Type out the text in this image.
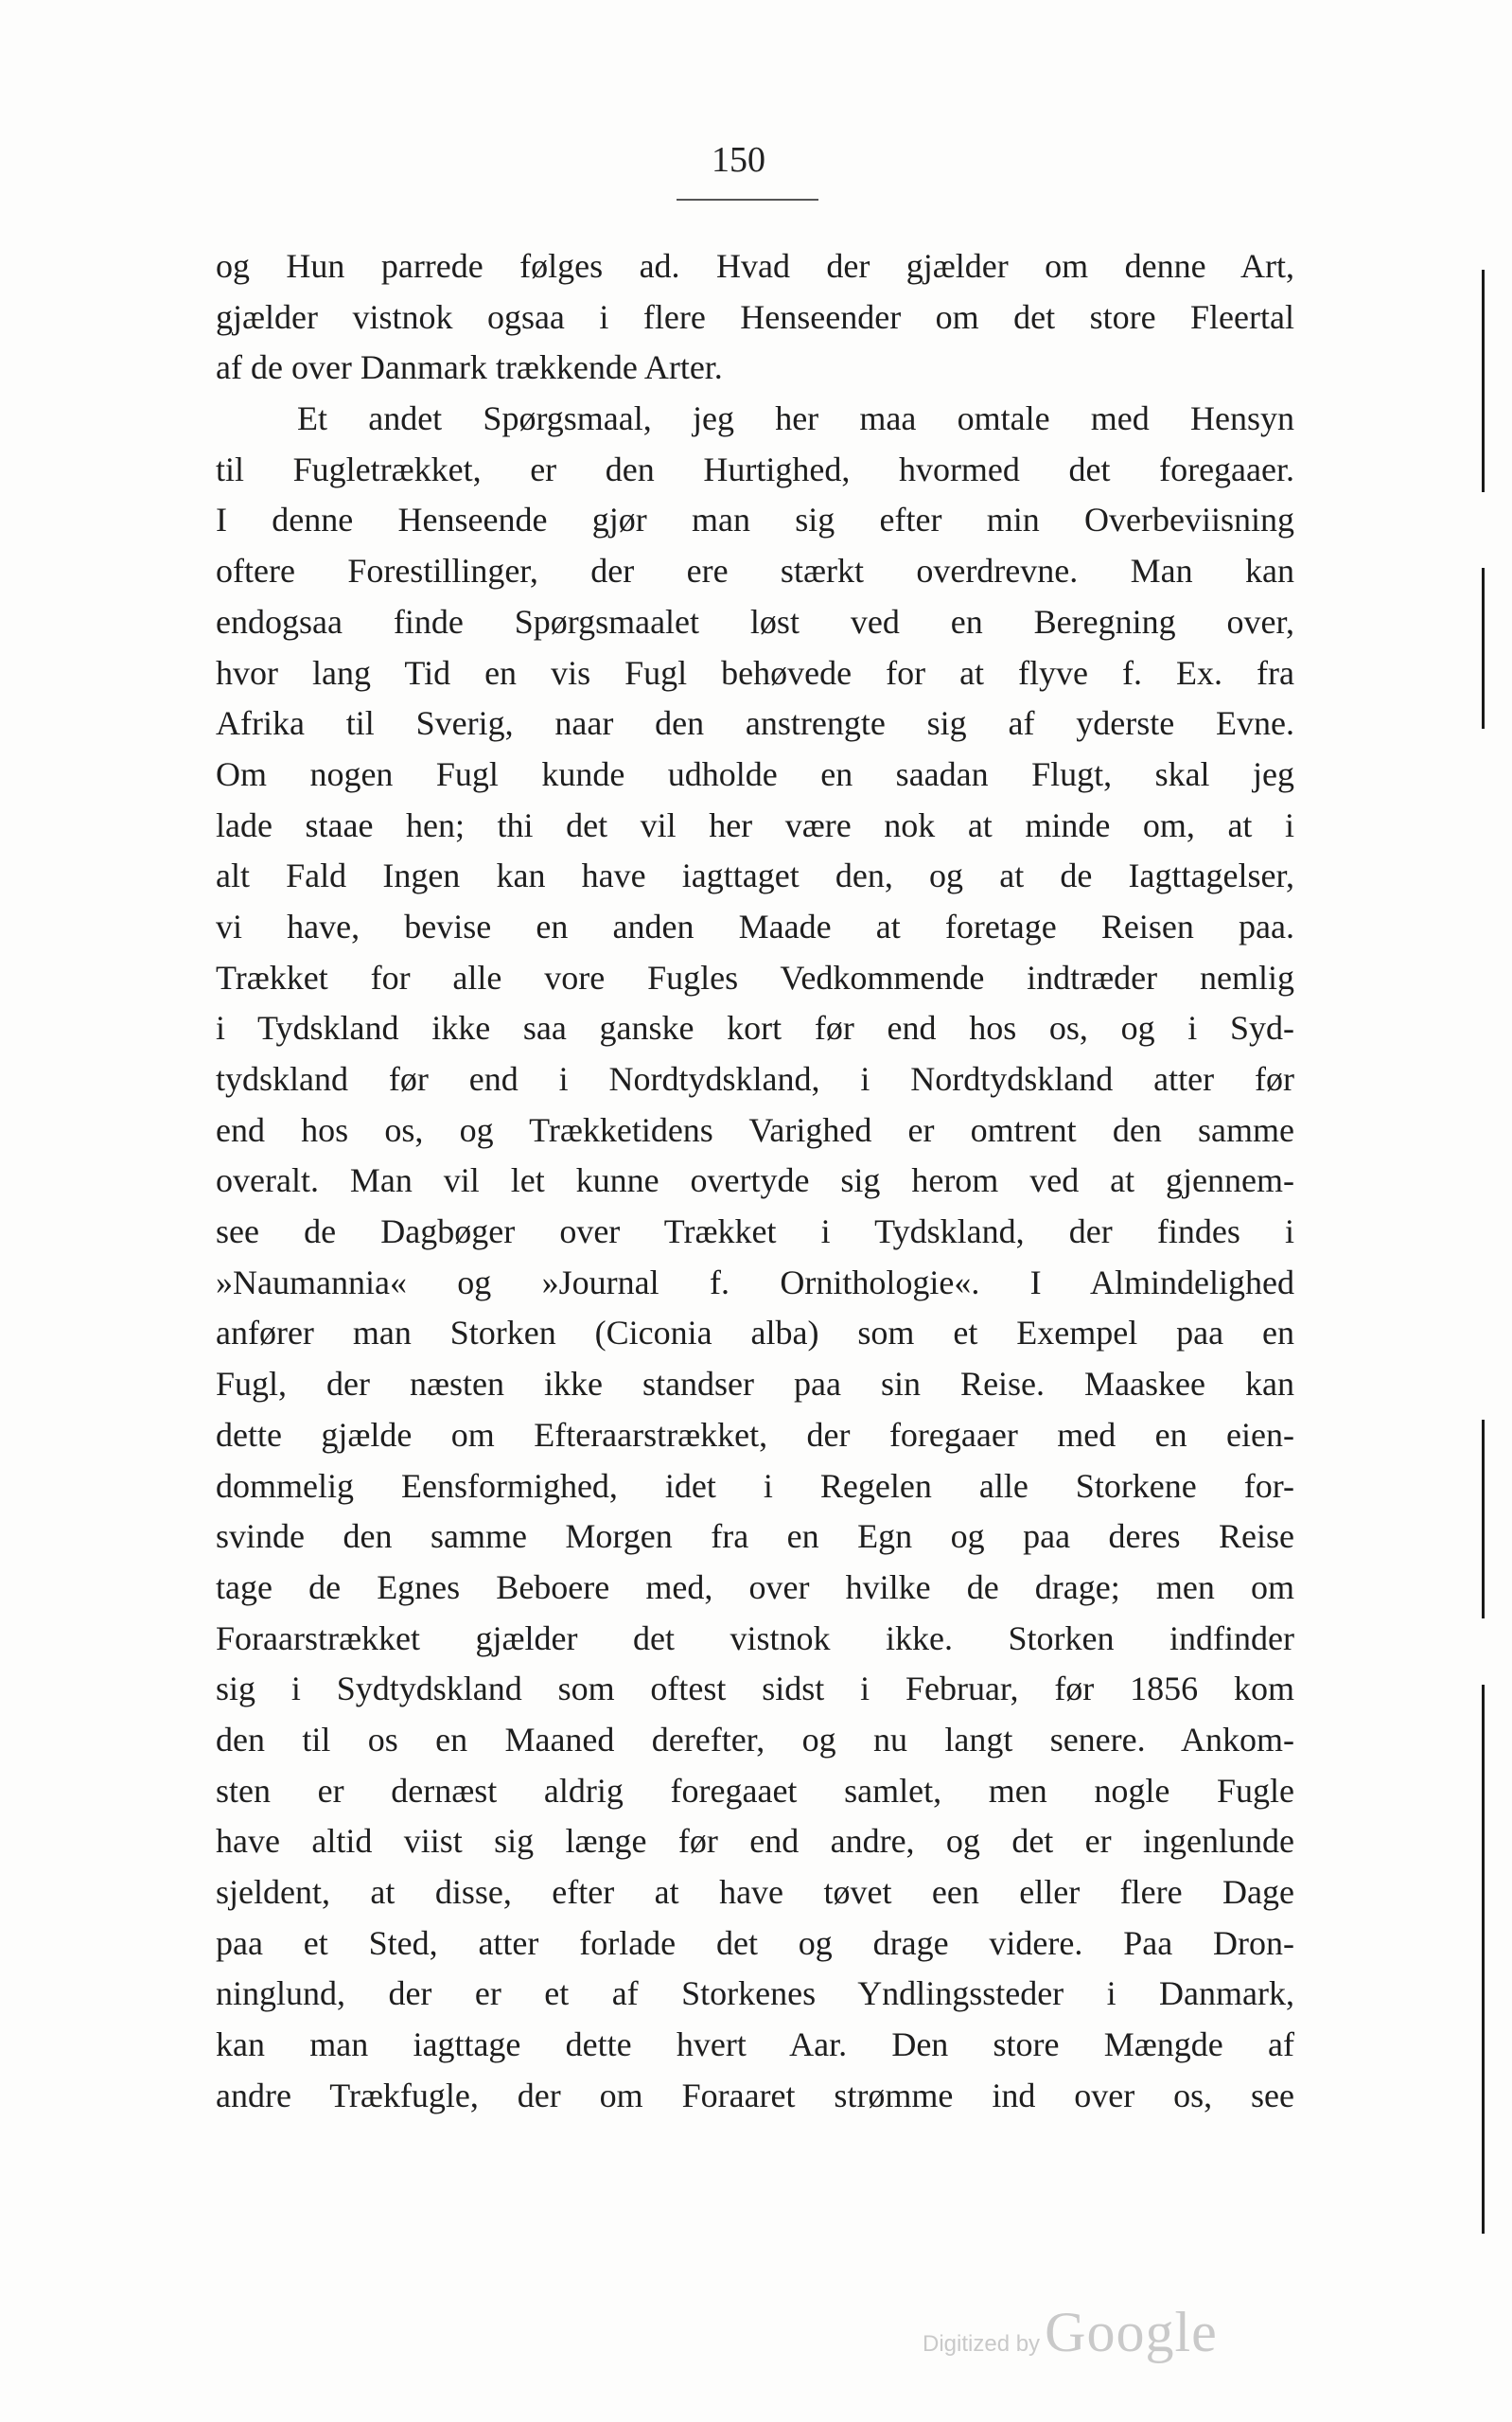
150
og Hun parrede følges ad. Hvad der gjælder om denne Art,
gjælder vistnok ogsaa i flere Henseender om det store Fleertal
af de over Danmark trækkende Arter.
Et andet Spørgsmaal, jeg her maa omtale med Hensyn
til Fugletrækket, er den Hurtighed, hvormed det foregaaer.
I denne Henseende gjør man sig efter min Overbeviisning
oftere Forestillinger, der ere stærkt overdrevne. Man kan
endogsaa finde Spørgsmaalet løst ved en Beregning over,
hvor lang Tid en vis Fugl behøvede for at flyve f. Ex. fra
Afrika til Sverig, naar den anstrengte sig af yderste Evne.
Om nogen Fugl kunde udholde en saadan Flugt, skal jeg
lade staae hen; thi det vil her være nok at minde om, at i
alt Fald Ingen kan have iagttaget den, og at de Iagttagelser,
vi have, bevise en anden Maade at foretage Reisen paa.
Trækket for alle vore Fugles Vedkommende indtræder nemlig
i Tydskland ikke saa ganske kort før end hos os, og i Syd-
tydskland før end i Nordtydskland, i Nordtydskland atter før
end hos os, og Trækketidens Varighed er omtrent den samme
overalt. Man vil let kunne overtyde sig herom ved at gjennem-
see de Dagbøger over Trækket i Tydskland, der findes i
»Naumannia« og »Journal f. Ornithologie«. I Almindelighed
anfører man Storken (Ciconia alba) som et Exempel paa en
Fugl, der næsten ikke standser paa sin Reise. Maaskee kan
dette gjælde om Efteraarstrækket, der foregaaer med en eien-
dommelig Eensformighed, idet i Regelen alle Storkene for-
svinde den samme Morgen fra en Egn og paa deres Reise
tage de Egnes Beboere med, over hvilke de drage; men om
Foraarstrækket gjælder det vistnok ikke. Storken indfinder
sig i Sydtydskland som oftest sidst i Februar, før 1856 kom
den til os en Maaned derefter, og nu langt senere. Ankom-
sten er dernæst aldrig foregaaet samlet, men nogle Fugle
have altid viist sig længe før end andre, og det er ingenlunde
sjeldent, at disse, efter at have tøvet een eller flere Dage
paa et Sted, atter forlade det og drage videre. Paa Dron-
ninglund, der er et af Storkenes Yndlingssteder i Danmark,
kan man iagttage dette hvert Aar. Den store Mængde af
andre Trækfugle, der om Foraaret strømme ind over os, see
Digitized by Google
